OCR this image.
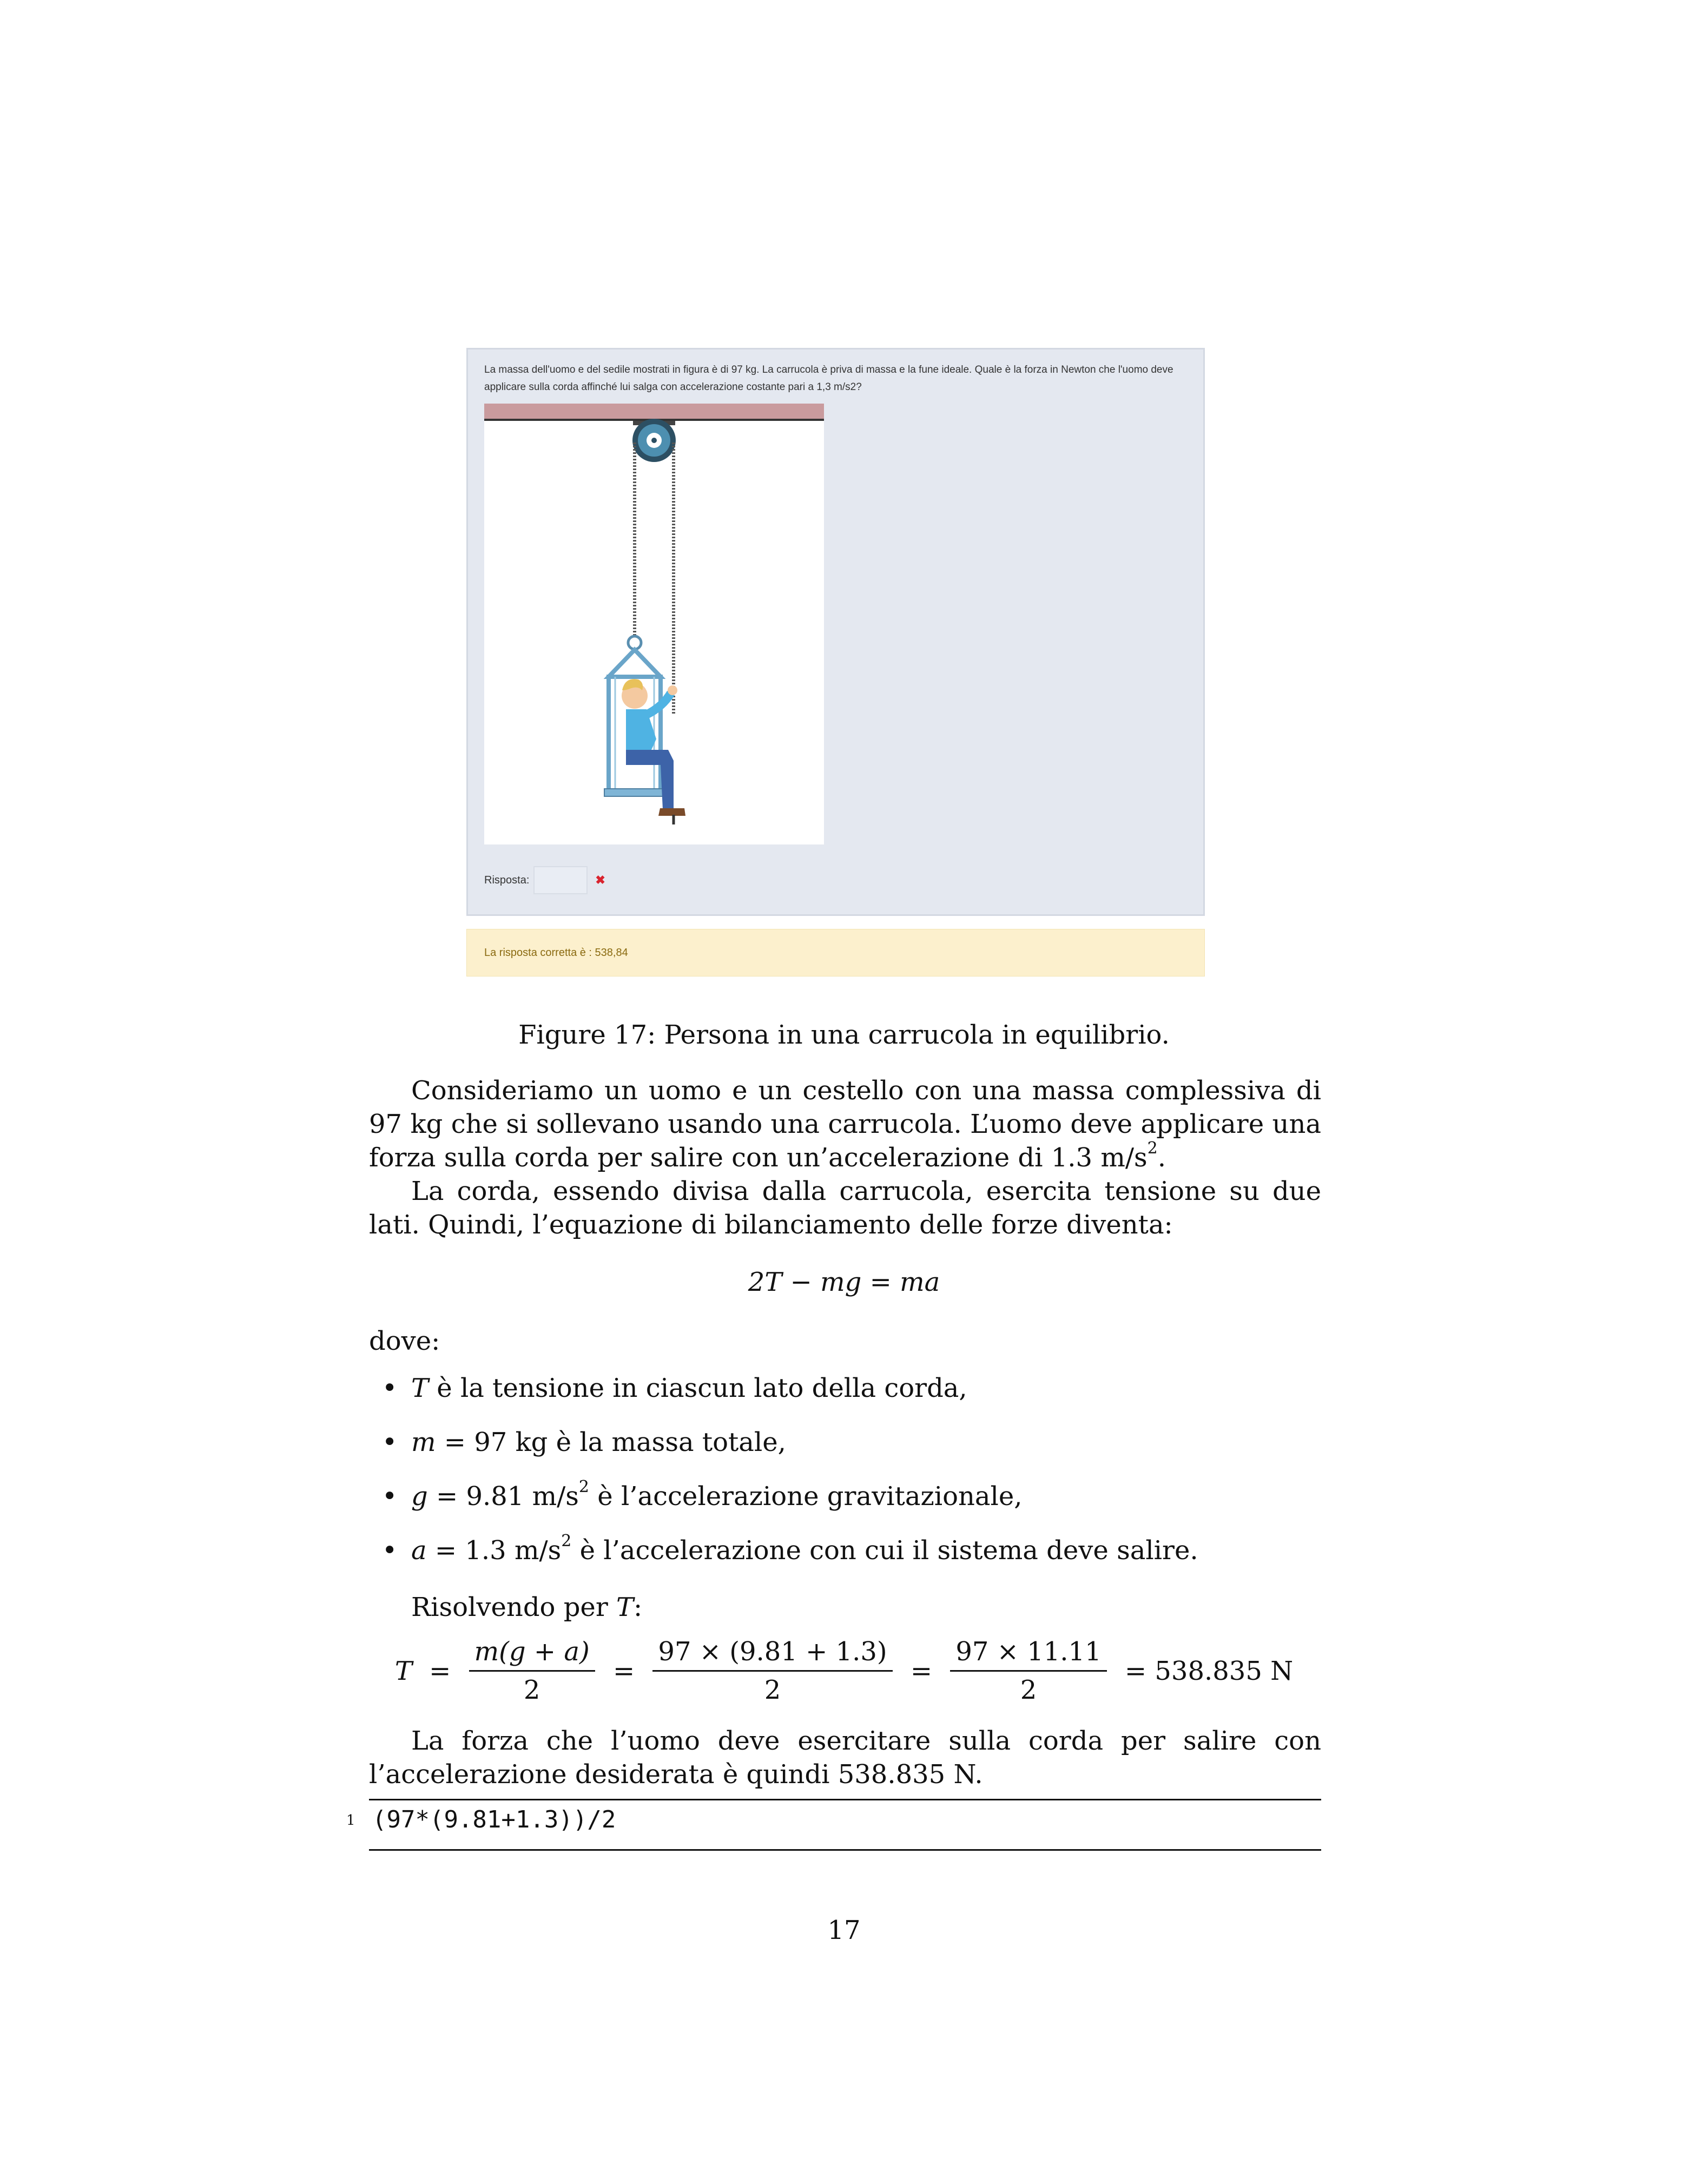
La massa dell'uomo e del sedile mostrati in figura è di 97 kg. La carrucola è priva di massa e la fune ideale. Quale è la forza in Newton che l'uomo deve applicare sulla corda affinché lui salga con accelerazione costante pari a 1,3 m/s2?
Risposta:	✖
La risposta corretta è : 538,84
Figure 17: Persona in una carrucola in equilibrio.

Consideriamo un uomo e un cestello con una massa complessiva di 97 kg che si sollevano usando una carrucola. L’uomo deve applicare una forza sulla corda per salire con un’accelerazione di 1.3 $m/s^2$.

La corda, essendo divisa dalla carrucola, esercita tensione su due lati. Quindi, l’equazione di bilanciamento delle forze diventa:

2T − mg = ma

dove:

• T è la tensione in ciascun lato della corda,
• m = 97 kg è la massa totale,
• g = 9.81 $m/s^2$ è l’accelerazione gravitazionale,
• a = 1.3 $m/s^2$ è l’accelerazione con cui il sistema deve salire.

Risolvendo per T:

$T = \frac{m(g + a)}{2} = \frac{97 \times (9.81 + 1.3)}{2} = \frac{97 \times 11.11}{2} = 538.835$ N

La forza che l’uomo deve esercitare sulla corda per salire con l’accelerazione desiderata è quindi 538.835 N.

1 (97*(9.81+1.3))/2
17
